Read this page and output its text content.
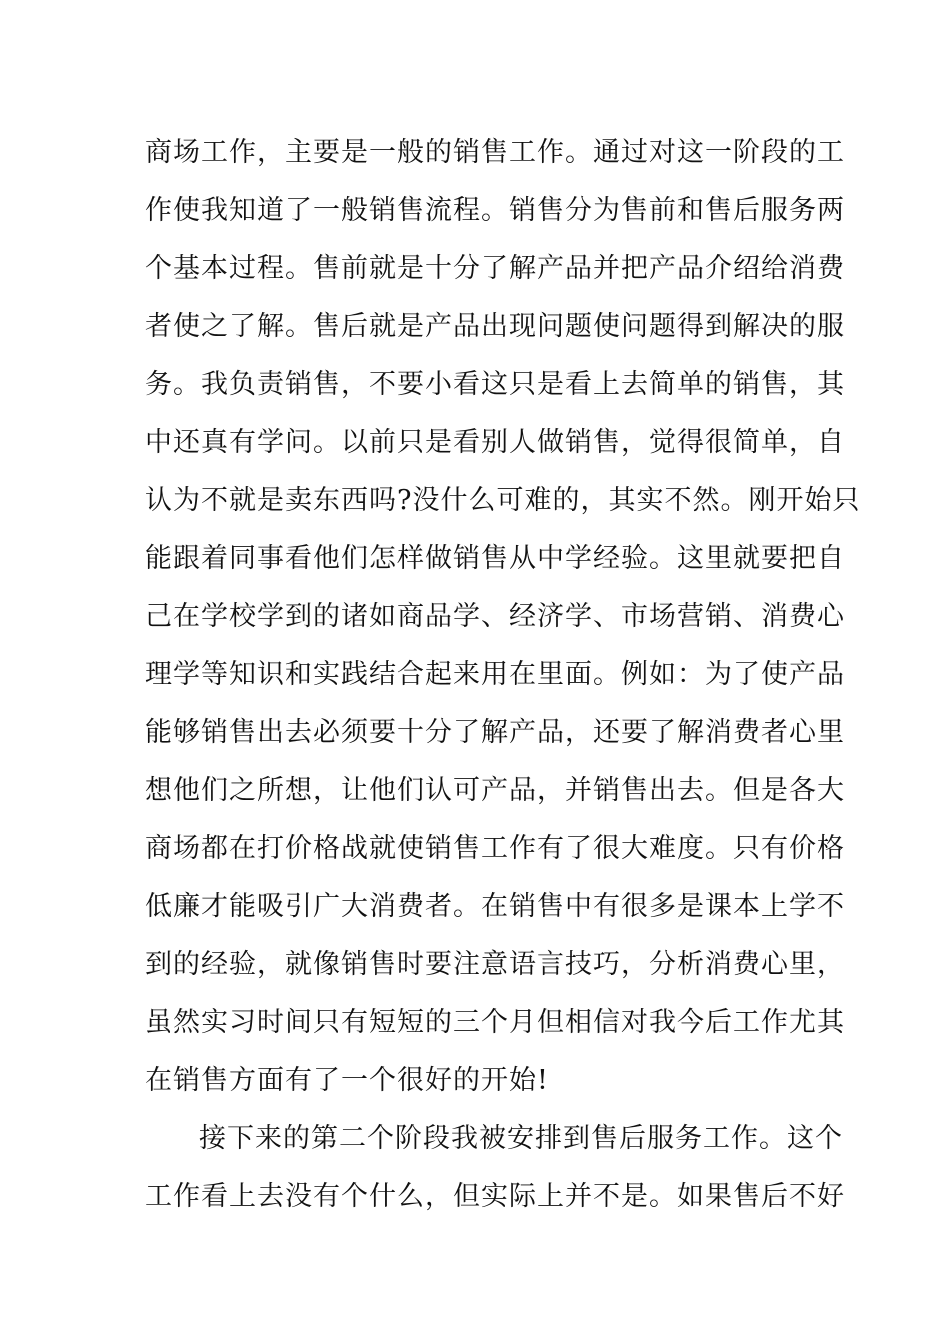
商场工作，主要是一般的销售工作。通过对这一阶段的工
作使我知道了一般销售流程。销售分为售前和售后服务两
个基本过程。售前就是十分了解产品并把产品介绍给消费
者使之了解。售后就是产品出现问题使问题得到解决的服
务。我负责销售，不要小看这只是看上去简单的销售，其
中还真有学问。以前只是看别人做销售，觉得很简单，自
认为不就是卖东西吗?没什么可难的，其实不然。刚开始只
能跟着同事看他们怎样做销售从中学经验。这里就要把自
己在学校学到的诸如商品学、经济学、市场营销、消费心
理学等知识和实践结合起来用在里面。例如：为了使产品
能够销售出去必须要十分了解产品，还要了解消费者心里
想他们之所想，让他们认可产品，并销售出去。但是各大
商场都在打价格战就使销售工作有了很大难度。只有价格
低廉才能吸引广大消费者。在销售中有很多是课本上学不
到的经验，就像销售时要注意语言技巧，分析消费心里，
虽然实习时间只有短短的三个月但相信对我今后工作尤其
在销售方面有了一个很好的开始!
接下来的第二个阶段我被安排到售后服务工作。这个
工作看上去没有个什么，但实际上并不是。如果售后不好
